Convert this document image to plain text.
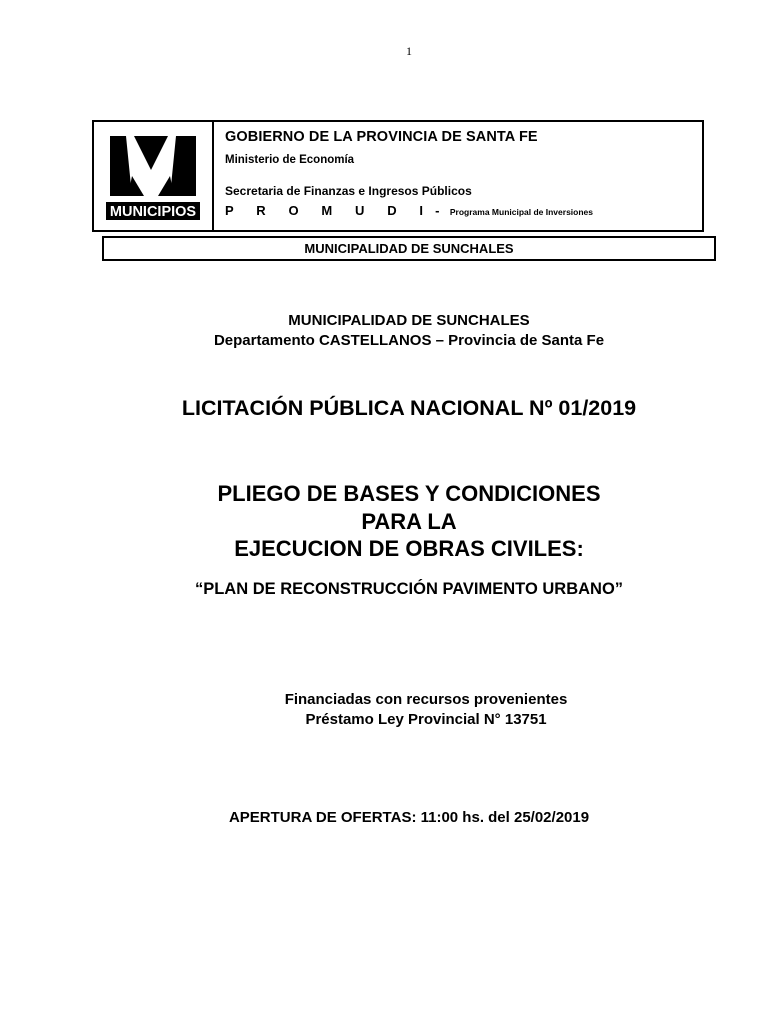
1
MUNICIPIOS
GOBIERNO DE LA PROVINCIA DE SANTA FE
Ministerio de Economía
Secretaria de Finanzas e Ingresos Públicos
P R O M U D I - Programa Municipal de Inversiones
MUNICIPALIDAD DE SUNCHALES
MUNICIPALIDAD DE SUNCHALES
Departamento CASTELLANOS – Provincia de Santa Fe
LICITACIÓN PÚBLICA NACIONAL Nº 01/2019
PLIEGO DE BASES Y CONDICIONES
PARA LA
EJECUCION DE OBRAS CIVILES:
“PLAN DE RECONSTRUCCIÓN PAVIMENTO URBANO”
Financiadas con recursos provenientes
Préstamo Ley Provincial N° 13751
APERTURA DE OFERTAS: 11:00 hs. del 25/02/2019
